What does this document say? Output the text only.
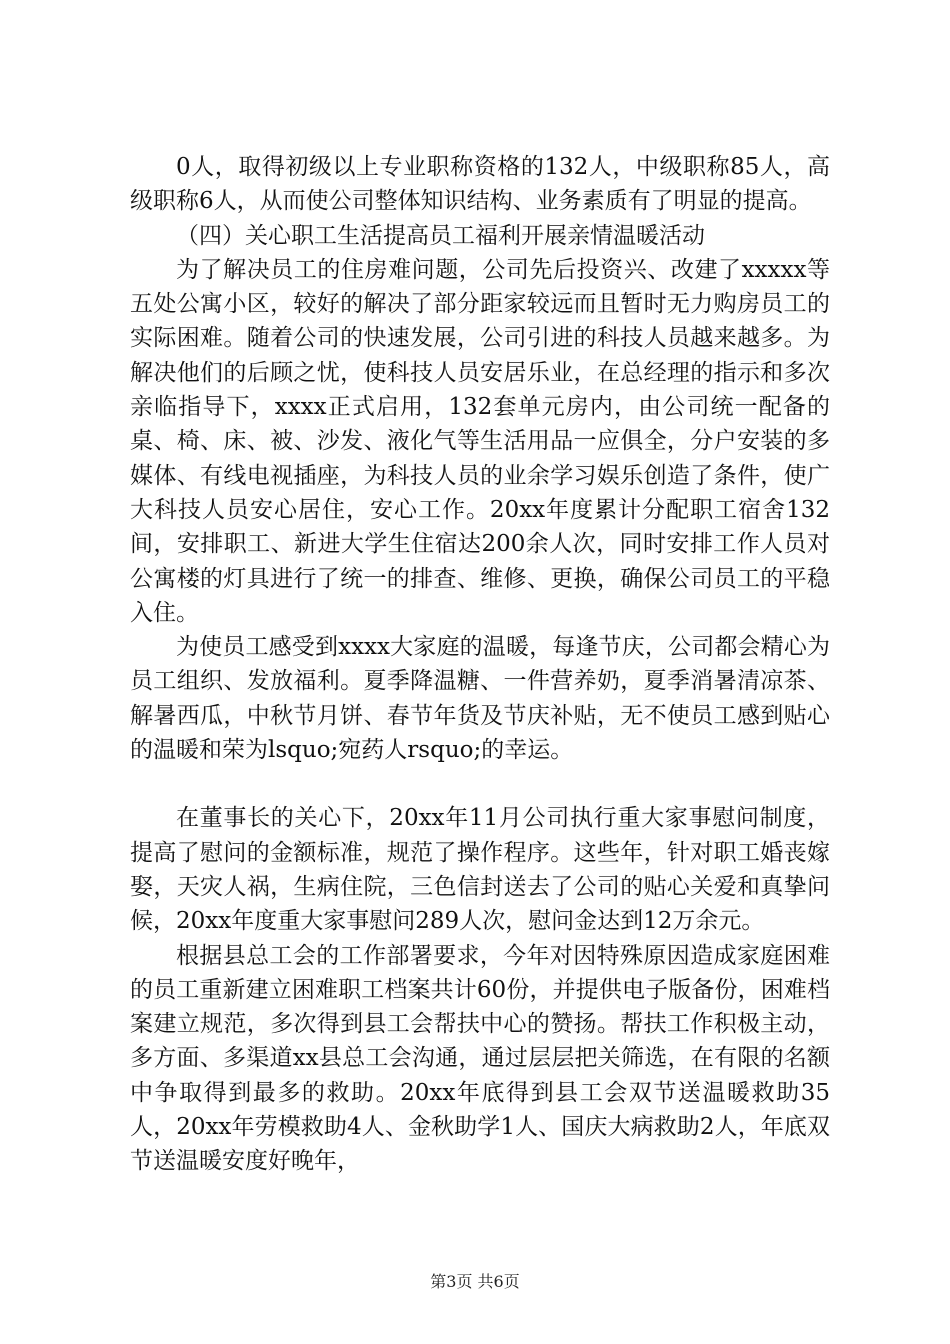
0人，取得初级以上专业职称资格的132人，中级职称85人，高级职称6人，从而使公司整体知识结构、业务素质有了明显的提高。

（四）关心职工生活提高员工福利开展亲情温暖活动

为了解决员工的住房难问题，公司先后投资兴、改建了xxxxx等五处公寓小区，较好的解决了部分距家较远而且暂时无力购房员工的实际困难。随着公司的快速发展，公司引进的科技人员越来越多。为解决他们的后顾之忧，使科技人员安居乐业，在总经理的指示和多次亲临指导下，xxxx正式启用，132套单元房内，由公司统一配备的桌、椅、床、被、沙发、液化气等生活用品一应俱全，分户安装的多媒体、有线电视插座，为科技人员的业余学习娱乐创造了条件，使广大科技人员安心居住，安心工作。20xx年度累计分配职工宿舍132间，安排职工、新进大学生住宿达200余人次，同时安排工作人员对公寓楼的灯具进行了统一的排查、维修、更换，确保公司员工的平稳入住。

为使员工感受到xxxx大家庭的温暖，每逢节庆，公司都会精心为员工组织、发放福利。夏季降温糖、一件营养奶，夏季消暑清凉茶、解暑西瓜，中秋节月饼、春节年货及节庆补贴，无不使员工感到贴心的温暖和荣为lsquo;宛药人rsquo;的幸运。

在董事长的关心下，20xx年11月公司执行重大家事慰问制度，提高了慰问的金额标准，规范了操作程序。这些年，针对职工婚丧嫁娶，天灾人祸，生病住院，三色信封送去了公司的贴心关爱和真挚问候，20xx年度重大家事慰问289人次，慰问金达到12万余元。

根据县总工会的工作部署要求，今年对因特殊原因造成家庭困难的员工重新建立困难职工档案共计60份，并提供电子版备份，困难档案建立规范，多次得到县工会帮扶中心的赞扬。帮扶工作积极主动，多方面、多渠道xx县总工会沟通，通过层层把关筛选，在有限的名额中争取得到最多的救助。20xx年底得到县工会双节送温暖救助35人，20xx年劳模救助4人、金秋助学1人、国庆大病救助2人，年底双节送温暖安度好晚年，

第3页 共6页
